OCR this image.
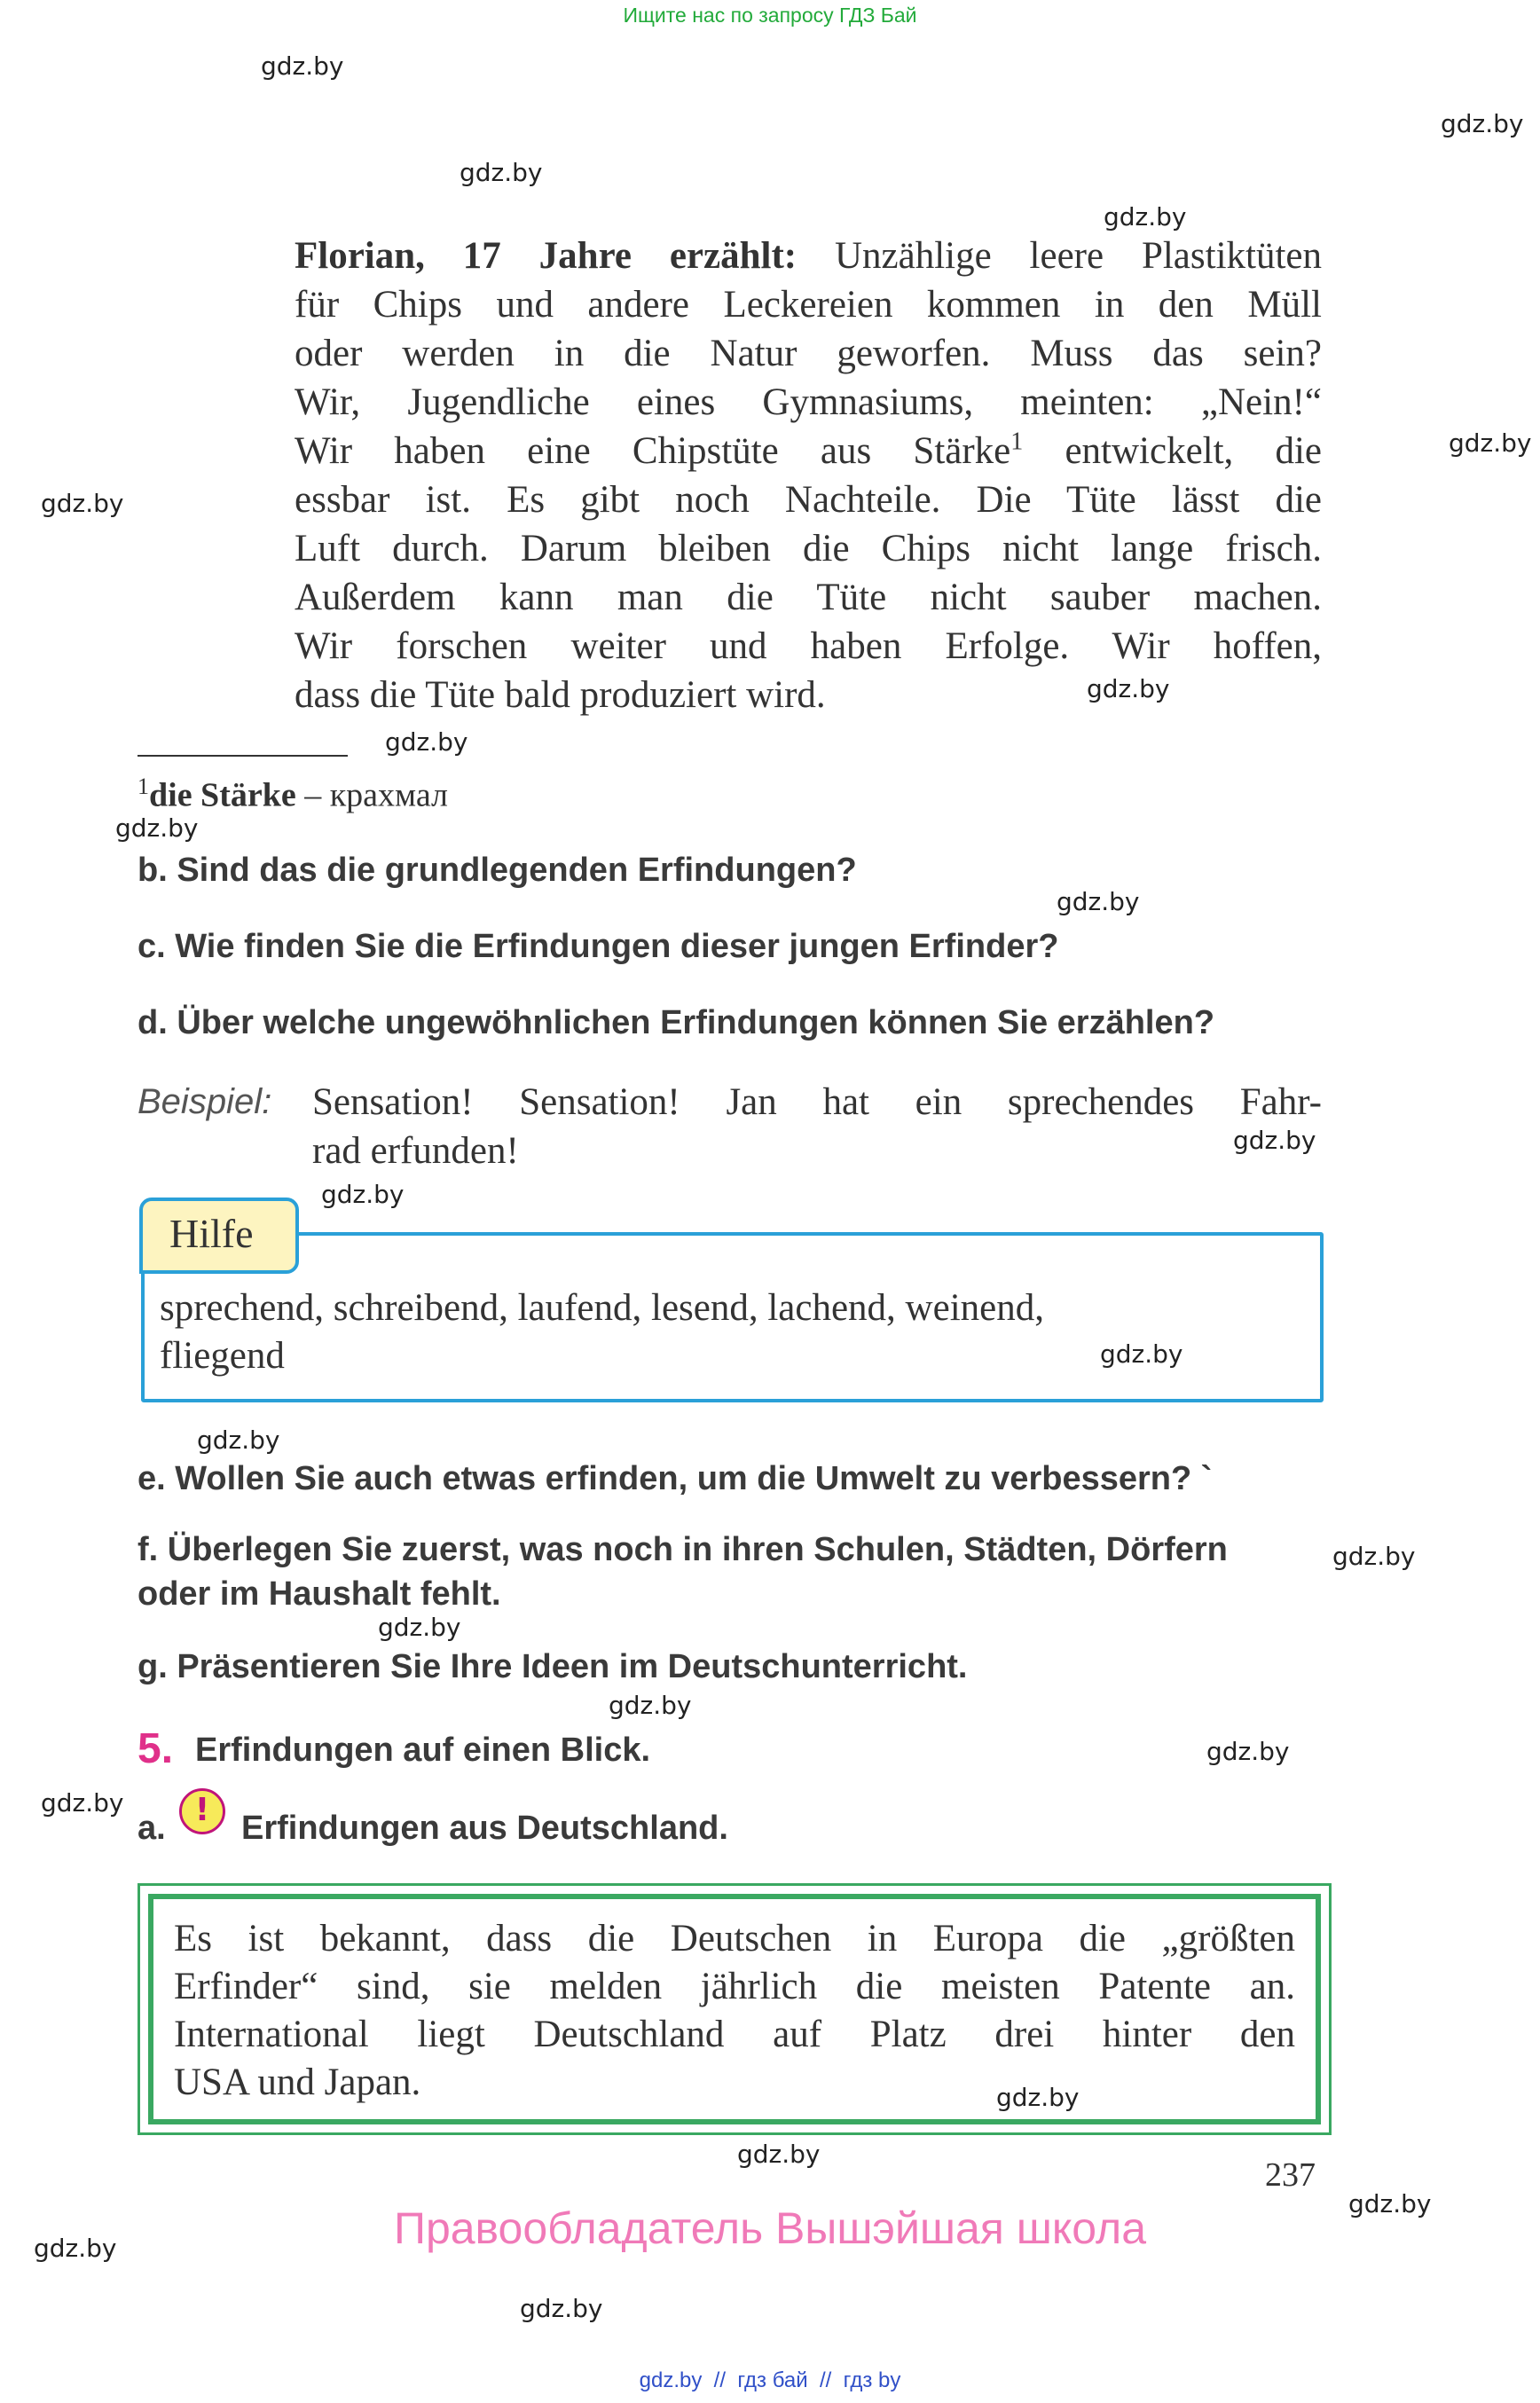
Ищите нас по запросу ГДЗ Бай
gdz.by
gdz.by
gdz.by
gdz.by
gdz.by
gdz.by
gdz.by
gdz.by
gdz.by
gdz.by
gdz.by
gdz.by
gdz.by
gdz.by
gdz.by
gdz.by
gdz.by
gdz.by
gdz.by
gdz.by
gdz.by
gdz.by
gdz.by
gdz.by
Florian, 17 Jahre erzählt: Unzählige leere Plastiktüten
für Chips und andere Leckereien kommen in den Müll
oder werden in die Natur geworfen. Muss das sein?
Wir, Jugendliche eines Gymnasiums, meinten: „Nein!“
Wir haben eine Chipstüte aus Stärke$^1$ entwickelt, die
essbar ist. Es gibt noch Nachteile. Die Tüte lässt die
Luft durch. Darum bleiben die Chips nicht lange frisch.
Außerdem kann man die Tüte nicht sauber machen.
Wir forschen weiter und haben Erfolge. Wir hoffen,
dass die Tüte bald produziert wird.
$^1$die Stärke – крахмал
b. Sind das die grundlegenden Erfindungen?
c. Wie finden Sie die Erfindungen dieser jungen Erfinder?
d. Über welche ungewöhnlichen Erfindungen können Sie erzählen?
Beispiel: Sensation! Sensation! Jan hat ein sprechendes Fahr-
rad erfunden!
Hilfe
sprechend, schreibend, laufend, lesend, lachend, weinend,
fliegend
e. Wollen Sie auch etwas erfinden, um die Umwelt zu verbessern? `
f. Überlegen Sie zuerst, was noch in ihren Schulen, Städten, Dörfern
oder im Haushalt fehlt.
g. Präsentieren Sie Ihre Ideen im Deutschunterricht.
5. Erfindungen auf einen Blick.
a. ! Erfindungen aus Deutschland.
Es ist bekannt, dass die Deutschen in Europa die „größten
Erfinder“ sind, sie melden jährlich die meisten Patente an.
International liegt Deutschland auf Platz drei hinter den
USA und Japan.
237
Правообладатель Вышэйшая школа
gdz.by  //  гдз бай  //  гдз by
